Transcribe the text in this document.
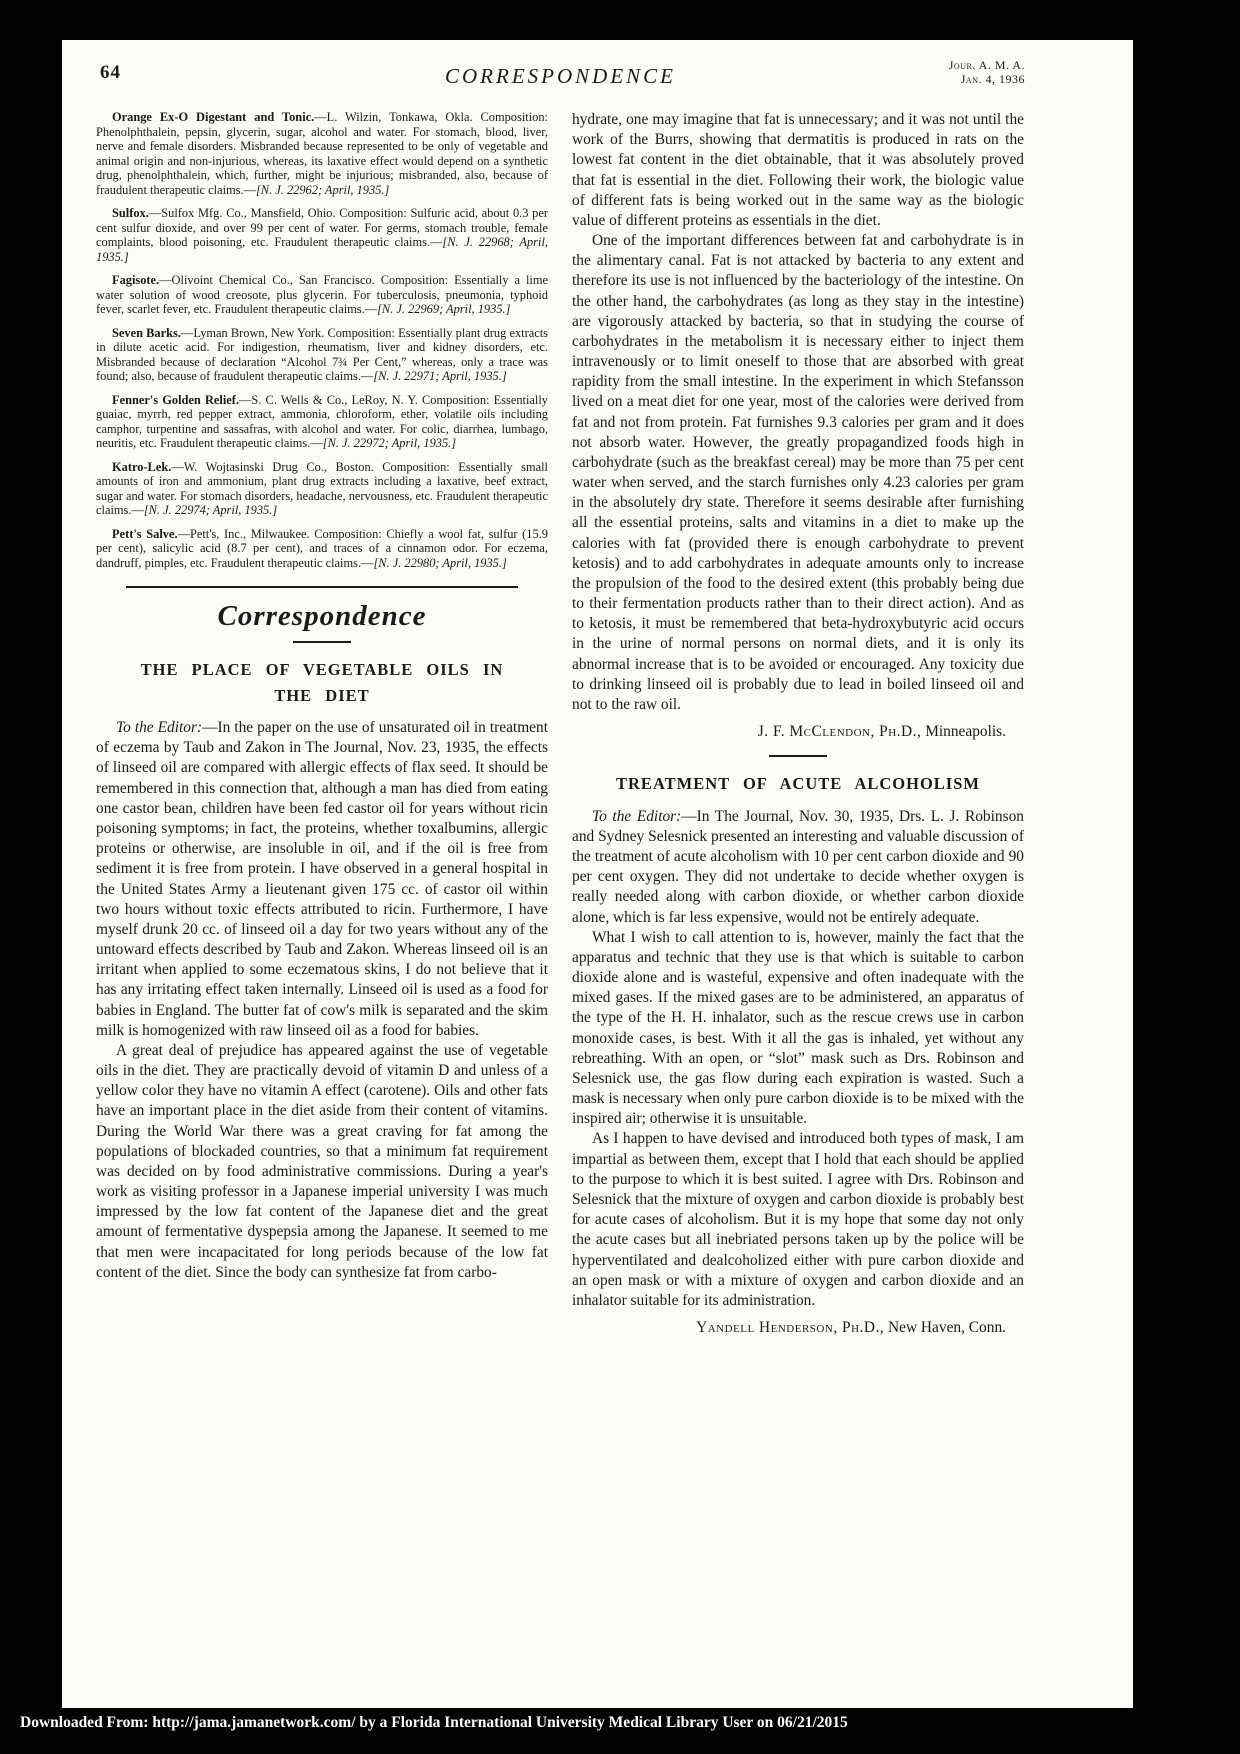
64	CORRESPONDENCE	Jour. A. M. A.
Jan. 4, 1936

Orange Ex-O Digestant and Tonic.—L. Wilzin, Tonkawa, Okla. Composition: Phenolphthalein, pepsin, glycerin, sugar, alcohol and water. For stomach, blood, liver, nerve and female disorders. Misbranded because represented to be only of vegetable and animal origin and non-injurious, whereas, its laxative effect would depend on a synthetic drug, phenolphthalein, which, further, might be injurious; misbranded, also, because of fraudulent therapeutic claims.—[N. J. 22962; April, 1935.]

Sulfox.—Sulfox Mfg. Co., Mansfield, Ohio. Composition: Sulfuric acid, about 0.3 per cent sulfur dioxide, and over 99 per cent of water. For germs, stomach trouble, female complaints, blood poisoning, etc. Fraudulent therapeutic claims.—[N. J. 22968; April, 1935.]

Fagisote.—Olivoint Chemical Co., San Francisco. Composition: Essentially a lime water solution of wood creosote, plus glycerin. For tuberculosis, pneumonia, typhoid fever, scarlet fever, etc. Fraudulent therapeutic claims.—[N. J. 22969; April, 1935.]

Seven Barks.—Lyman Brown, New York. Composition: Essentially plant drug extracts in dilute acetic acid. For indigestion, rheumatism, liver and kidney disorders, etc. Misbranded because of declaration “Alcohol 7¾ Per Cent,” whereas, only a trace was found; also, because of fraudulent therapeutic claims.—[N. J. 22971; April, 1935.]

Fenner's Golden Relief.—S. C. Wells & Co., LeRoy, N. Y. Composition: Essentially guaiac, myrrh, red pepper extract, ammonia, chloroform, ether, volatile oils including camphor, turpentine and sassafras, with alcohol and water. For colic, diarrhea, lumbago, neuritis, etc. Fraudulent therapeutic claims.—[N. J. 22972; April, 1935.]

Katro-Lek.—W. Wojtasinski Drug Co., Boston. Composition: Essentially small amounts of iron and ammonium, plant drug extracts including a laxative, beef extract, sugar and water. For stomach disorders, headache, nervousness, etc. Fraudulent therapeutic claims.—[N. J. 22974; April, 1935.]

Pett's Salve.—Pett's, Inc., Milwaukee. Composition: Chiefly a wool fat, sulfur (15.9 per cent), salicylic acid (8.7 per cent), and traces of a cinnamon odor. For eczema, dandruff, pimples, etc. Fraudulent therapeutic claims.—[N. J. 22980; April, 1935.]

Correspondence
THE PLACE OF VEGETABLE OILS IN THE DIET

To the Editor:—In the paper on the use of unsaturated oil in treatment of eczema by Taub and Zakon in The Journal, Nov. 23, 1935, the effects of linseed oil are compared with allergic effects of flax seed. It should be remembered in this connection that, although a man has died from eating one castor bean, children have been fed castor oil for years without ricin poisoning symptoms; in fact, the proteins, whether toxalbumins, allergic proteins or otherwise, are insoluble in oil, and if the oil is free from sediment it is free from protein. I have observed in a general hospital in the United States Army a lieutenant given 175 cc. of castor oil within two hours without toxic effects attributed to ricin. Furthermore, I have myself drunk 20 cc. of linseed oil a day for two years without any of the untoward effects described by Taub and Zakon. Whereas linseed oil is an irritant when applied to some eczematous skins, I do not believe that it has any irritating effect taken internally. Linseed oil is used as a food for babies in England. The butter fat of cow's milk is separated and the skim milk is homogenized with raw linseed oil as a food for babies.

A great deal of prejudice has appeared against the use of vegetable oils in the diet. They are practically devoid of vitamin D and unless of a yellow color they have no vitamin A effect (carotene). Oils and other fats have an important place in the diet aside from their content of vitamins. During the World War there was a great craving for fat among the populations of blockaded countries, so that a minimum fat requirement was decided on by food administrative commissions. During a year's work as visiting professor in a Japanese imperial university I was much impressed by the low fat content of the Japanese diet and the great amount of fermentative dyspepsia among the Japanese. It seemed to me that men were incapacitated for long periods because of the low fat content of the diet. Since the body can synthesize fat from carbo-

hydrate, one may imagine that fat is unnecessary; and it was not until the work of the Burrs, showing that dermatitis is produced in rats on the lowest fat content in the diet obtainable, that it was absolutely proved that fat is essential in the diet. Following their work, the biologic value of different fats is being worked out in the same way as the biologic value of different proteins as essentials in the diet.

One of the important differences between fat and carbohydrate is in the alimentary canal. Fat is not attacked by bacteria to any extent and therefore its use is not influenced by the bacteriology of the intestine. On the other hand, the carbohydrates (as long as they stay in the intestine) are vigorously attacked by bacteria, so that in studying the course of carbohydrates in the metabolism it is necessary either to inject them intravenously or to limit oneself to those that are absorbed with great rapidity from the small intestine. In the experiment in which Stefansson lived on a meat diet for one year, most of the calories were derived from fat and not from protein. Fat furnishes 9.3 calories per gram and it does not absorb water. However, the greatly propagandized foods high in carbohydrate (such as the breakfast cereal) may be more than 75 per cent water when served, and the starch furnishes only 4.23 calories per gram in the absolutely dry state. Therefore it seems desirable after furnishing all the essential proteins, salts and vitamins in a diet to make up the calories with fat (provided there is enough carbohydrate to prevent ketosis) and to add carbohydrates in adequate amounts only to increase the propulsion of the food to the desired extent (this probably being due to their fermentation products rather than to their direct action). And as to ketosis, it must be remembered that beta-hydroxybutyric acid occurs in the urine of normal persons on normal diets, and it is only its abnormal increase that is to be avoided or encouraged. Any toxicity due to drinking linseed oil is probably due to lead in boiled linseed oil and not to the raw oil.

J. F. McClendon, Ph.D., Minneapolis.
TREATMENT OF ACUTE ALCOHOLISM

To the Editor:—In The Journal, Nov. 30, 1935, Drs. L. J. Robinson and Sydney Selesnick presented an interesting and valuable discussion of the treatment of acute alcoholism with 10 per cent carbon dioxide and 90 per cent oxygen. They did not undertake to decide whether oxygen is really needed along with carbon dioxide, or whether carbon dioxide alone, which is far less expensive, would not be entirely adequate.

What I wish to call attention to is, however, mainly the fact that the apparatus and technic that they use is that which is suitable to carbon dioxide alone and is wasteful, expensive and often inadequate with the mixed gases. If the mixed gases are to be administered, an apparatus of the type of the H. H. inhalator, such as the rescue crews use in carbon monoxide cases, is best. With it all the gas is inhaled, yet without any rebreathing. With an open, or “slot” mask such as Drs. Robinson and Selesnick use, the gas flow during each expiration is wasted. Such a mask is necessary when only pure carbon dioxide is to be mixed with the inspired air; otherwise it is unsuitable.

As I happen to have devised and introduced both types of mask, I am impartial as between them, except that I hold that each should be applied to the purpose to which it is best suited. I agree with Drs. Robinson and Selesnick that the mixture of oxygen and carbon dioxide is probably best for acute cases of alcoholism. But it is my hope that some day not only the acute cases but all inebriated persons taken up by the police will be hyperventilated and dealcoholized either with pure carbon dioxide and an open mask or with a mixture of oxygen and carbon dioxide and an inhalator suitable for its administration.

Yandell Henderson, Ph.D., New Haven, Conn.
Downloaded From: http://jama.jamanetwork.com/ by a Florida International University Medical Library User on 06/21/2015
